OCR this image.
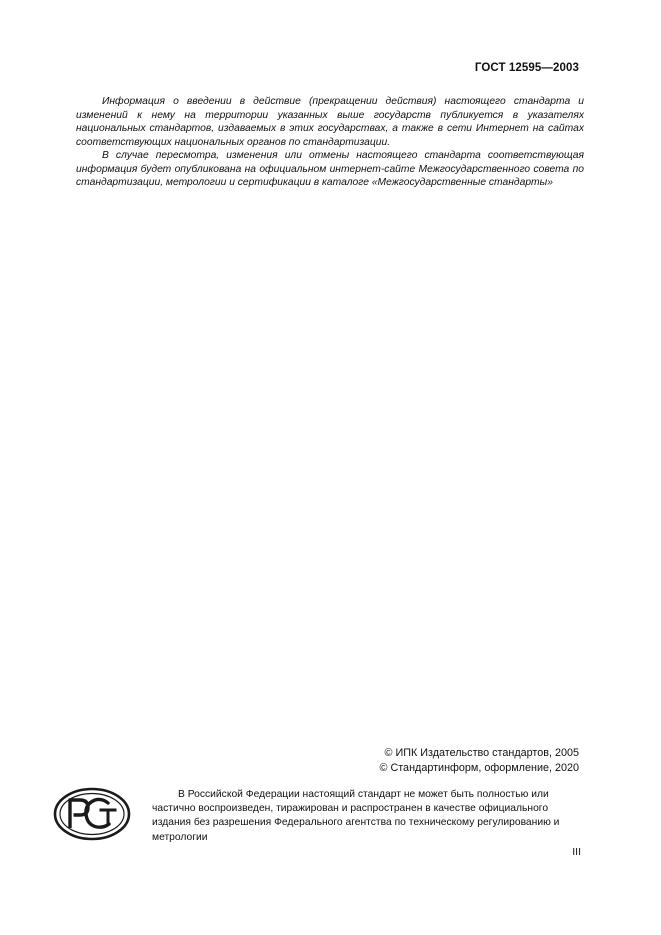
ГОСТ 12595—2003

Информация о введении в действие (прекращении действия) настоящего стандарта и изменений к нему на территории указанных выше государств публикуется в указателях национальных стандартов, издаваемых в этих государствах, а также в сети Интернет на сайтах соответствующих национальных органов по стандартизации.

В случае пересмотра, изменения или отмены настоящего стандарта соответствующая информация будет опубликована на официальном интернет-сайте Межгосударственного совета по стандартизации, метрологии и сертификации в каталоге «Межгосударственные стандарты»

© ИПК Издательство стандартов, 2005
© Стандартинформ, оформление, 2020

В Российской Федерации настоящий стандарт не может быть полностью или частично воспроизведен, тиражирован и распространен в качестве официального издания без разрешения Федерального агентства по техническому регулированию и метрологии

III
